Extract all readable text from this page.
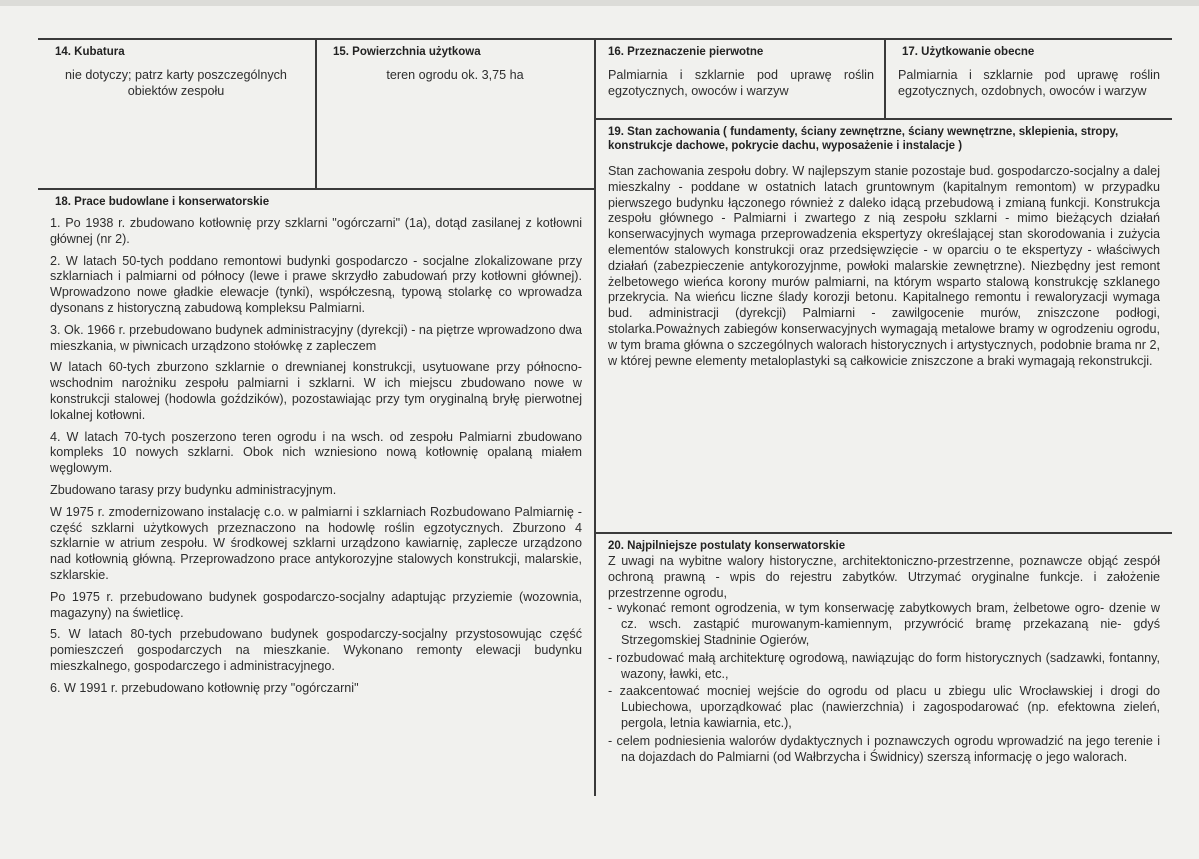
14. Kubatura
nie dotyczy; patrz karty poszczególnych obiektów zespołu
15. Powierzchnia użytkowa
teren ogrodu ok. 3,75 ha
16. Przeznaczenie pierwotne
Palmiarnia i szklarnie pod uprawę roślin egzotycznych, owoców i warzyw
17. Użytkowanie obecne
Palmiarnia i szklarnie pod uprawę roślin egzotycznych, ozdobnych, owoców i warzyw
19. Stan zachowania ( fundamenty, ściany zewnętrzne, ściany wewnętrzne, sklepienia, stropy, konstrukcje dachowe, pokrycie dachu, wyposażenie i instalacje )
Stan zachowania zespołu dobry. W najlepszym stanie pozostaje bud. gospodarczo-socjalny a dalej mieszkalny - poddane w ostatnich latach gruntownym (kapitalnym remontom) w przypadku pierwszego budynku łączonego również z daleko idącą przebudową i zmianą funkcji. Konstrukcja zespołu głównego - Palmiarni i zwartego z nią zespołu szklarni - mimo bieżących działań konserwacyjnych wymaga przeprowadzenia ekspertyzy określającej stan skorodowania i zużycia elementów stalowych konstrukcji oraz przedsięwzięcie - w oparciu o te ekspertyzy - właściwych działań (zabezpieczenie antykorozyjnme, powłoki malarskie zewnętrzne). Niezbędny jest remont żelbetowego wieńca korony murów palmiarni, na którym wsparto stalową konstrukcję szklanego przekrycia. Na wieńcu liczne ślady korozji betonu. Kapitalnego remontu i rewaloryzacji wymaga bud. administracji (dyrekcji) Palmiarni - zawilgocenie murów, zniszczone podłogi, stolarka.Poważnych zabiegów konserwacyjnych wymagają metalowe bramy w ogrodzeniu ogrodu, w tym brama główna o szczególnych walorach historycznych i artystycznych, podobnie brama nr 2, w której pewne elementy metaloplastyki są całkowicie zniszczone a braki wymagają rekonstrukcji.
18. Prace budowlane i konserwatorskie

1. Po 1938 r. zbudowano kotłownię przy szklarni "ogórczarni" (1a), dotąd zasilanej z kotłowni głównej (nr 2).

2. W latach 50-tych poddano remontowi budynki gospodarczo - socjalne zlokalizowane przy szklarniach i palmiarni od północy (lewe i prawe skrzydło zabudowań przy kotłowni głównej). Wprowadzono nowe gładkie elewacje (tynki), współczesną, typową stolarkę co wprowadza dysonans z historyczną zabudową kompleksu Palmiarni.

3. Ok. 1966 r. przebudowano budynek administracyjny (dyrekcji) - na piętrze wprowadzono dwa mieszkania, w piwnicach urządzono stołówkę z zapleczem

W latach 60-tych zburzono szklarnie o drewnianej konstrukcji, usytuowane przy północno-wschodnim narożniku zespołu palmiarni i szklarni. W ich miejscu zbudowano nowe w konstrukcji stalowej (hodowla goździków), pozostawiając przy tym oryginalną bryłę pierwotnej lokalnej kotłowni.

4. W latach 70-tych poszerzono teren ogrodu i na wsch. od zespołu Palmiarni zbudowano kompleks 10 nowych szklarni. Obok nich wzniesiono nową kotłownię opalaną miałem węglowym.

Zbudowano tarasy przy budynku administracyjnym.

W 1975 r. zmodernizowano instalację c.o. w palmiarni i szklarniach Rozbudowano Palmiarnię - część szklarni użytkowych przeznaczono na hodowlę roślin egzotycznych. Zburzono 4 szklarnie w atrium zespołu. W środkowej szklarni urządzono kawiarnię, zaplecze urządzono nad kotłownią główną. Przeprowadzono prace antykorozyjne stalowych konstrukcji, malarskie, szklarskie.

Po 1975 r. przebudowano budynek gospodarczo-socjalny adaptując przyziemie (wozownia, magazyny) na świetlicę.

5. W latach 80-tych przebudowano budynek gospodarczy-socjalny przystosowując część pomieszczeń gospodarczych na mieszkanie. Wykonano remonty elewacji budynku mieszkalnego, gospodarczego i administracyjnego.

6. W 1991 r. przebudowano kotłownię przy "ogórczarni"

20. Najpilniejsze postulaty konserwatorskie

Z uwagi na wybitne walory historyczne, architektoniczno-przestrzenne, poznawcze objąć zespół ochroną prawną - wpis do rejestru zabytków. Utrzymać oryginalne funkcje. i założenie przestrzenne ogrodu,

- wykonać remont ogrodzenia, w tym konserwację zabytkowych bram, żelbetowe ogro- dzenie w cz. wsch. zastąpić murowanym-kamiennym, przywrócić bramę przekazaną nie- gdyś Strzegomskiej Stadninie Ogierów,

- rozbudować małą architekturę ogrodową, nawiązując do form historycznych (sadzawki, fontanny, wazony, ławki, etc.,

- zaakcentować mocniej wejście do ogrodu od placu u zbiegu ulic Wrocławskiej i drogi do Lubiechowa, uporządkować plac (nawierzchnia) i zagospodarować (np. efektowna zieleń, pergola, letnia kawiarnia, etc.),

- celem podniesienia walorów dydaktycznych i poznawczych ogrodu wprowadzić na jego terenie i na dojazdach do Palmiarni (od Wałbrzycha i Świdnicy) szerszą informację o jego walorach.
